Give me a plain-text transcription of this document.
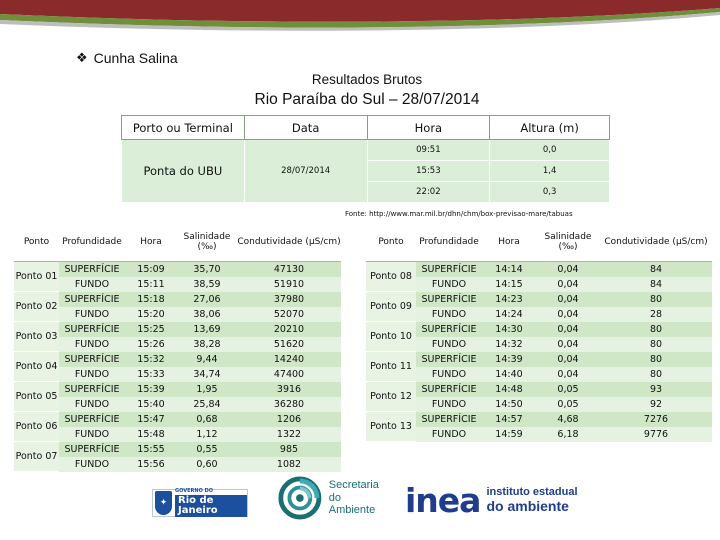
❖ Cunha Salina
Resultados Brutos
Rio Paraíba do Sul – 28/07/2014
Porto ou Terminal	Data	Hora	Altura (m)
Ponta do UBU	28/07/2014	09:51	0,0
		15:53	1,4
		22:02	0,3
Fonte: http://www.mar.mil.br/dhn/chm/box-previsao-mare/tabuas
Ponto	Profundidade	Hora	Salinidade
(‰)	Condutividade (µS/cm)
Ponto 01	SUPERFÍCIE	15:09	35,70	47130
	FUNDO	15:11	38,59	51910
Ponto 02	SUPERFÍCIE	15:18	27,06	37980
	FUNDO	15:20	38,06	52070
Ponto 03	SUPERFÍCIE	15:25	13,69	20210
	FUNDO	15:26	38,28	51620
Ponto 04	SUPERFÍCIE	15:32	9,44	14240
	FUNDO	15:33	34,74	47400
Ponto 05	SUPERFÍCIE	15:39	1,95	3916
	FUNDO	15:40	25,84	36280
Ponto 06	SUPERFÍCIE	15:47	0,68	1206
	FUNDO	15:48	1,12	1322
Ponto 07	SUPERFÍCIE	15:55	0,55	985
	FUNDO	15:56	0,60	1082
Ponto	Profundidade	Hora	Salinidade
(‰)	Condutividade (µS/cm)
Ponto 08	SUPERFÍCIE	14:14	0,04	84
	FUNDO	14:15	0,04	84
Ponto 09	SUPERFÍCIE	14:23	0,04	80
	FUNDO	14:24	0,04	28
Ponto 10	SUPERFÍCIE	14:30	0,04	80
	FUNDO	14:32	0,04	80
Ponto 11	SUPERFÍCIE	14:39	0,04	80
	FUNDO	14:40	0,04	80
Ponto 12	SUPERFÍCIE	14:48	0,05	93
	FUNDO	14:50	0,05	92
Ponto 13	SUPERFÍCIE	14:57	4,68	7276
	FUNDO	14:59	6,18	9776
✦
GOVERNO DO
Rio de Janeiro
Secretaria
do Ambiente inea instituto estadual
do ambiente
